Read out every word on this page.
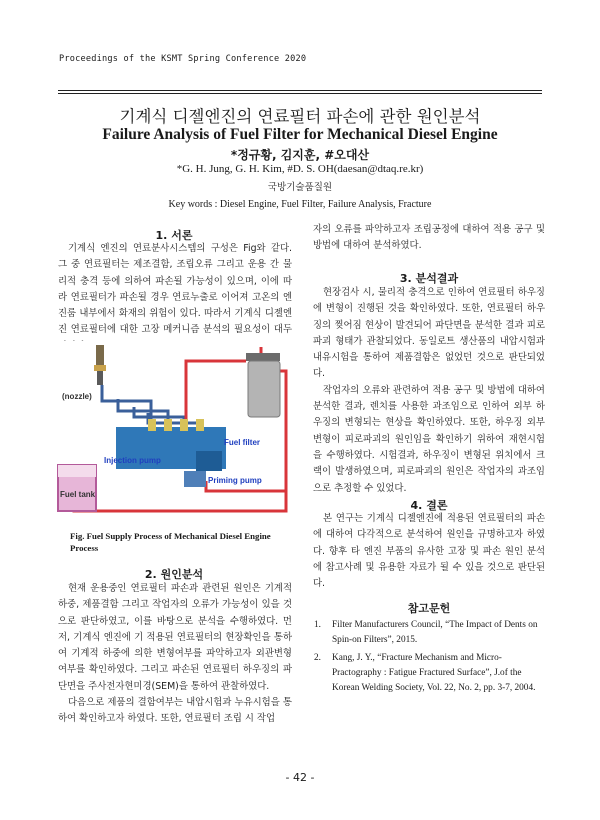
Proceedings of the KSMT Spring Conference 2020
기계식 디젤엔진의 연료필터 파손에 관한 원인분석
Failure Analysis of Fuel Filter for Mechanical Diesel Engine
*정규황, 김지훈, #오대산
*G. H. Jung, G. H. Kim, #D. S. OH(daesan@dtaq.re.kr)
국방기술품질원
Key words : Diesel Engine, Fuel Filter, Failure Analysis, Fracture
1. 서론

기계식 엔진의 연료분사시스템의 구성은 Fig와 같다. 그 중 연료필터는 제조결함, 조립오류 그리고 운용 간 물리적 충격 등에 의하여 파손될 가능성이 있으며, 이에 따라 연료필터가 파손될 경우 연료누출로 이어져 고온의 엔진룸 내부에서 화재의 위험이 있다. 따라서 기계식 디젤엔진 연료필터에 대한 고장 메커니즘 분석의 필요성이 대두

(nozzle)
Fuel filter
Injection pump
Priming pump
Fuel tank
Fig. Fuel Supply Process of Mechanical Diesel Engine Process
2. 원인분석

현재 운용중인 연료필터 파손과 관련된 원인은 기계적 하중, 제품결함 그리고 작업자의 오류가 가능성이 있을 것으로 판단하였고, 이를 바탕으로 분석을 수행하였다. 먼저, 기계식 엔진에 기 적용된 연료필터의 현장확인을 통하여 기계적 하중에 의한 변형여부를 파악하고자 외관변형 여부를 확인하였다. 그리고 파손된 연료필터 하우징의 파단면을 주사전자현미경(SEM)을 통하여 관찰하였다.

다음으로 제품의 결함여부는 내압시험과 누유시험을 통하여 확인하고자 하였다. 또한, 연료필터 조립 시 작업

자의 오류를 파악하고자 조립공정에 대하여 적용 공구 및 방법에 대하여 분석하였다.

3. 분석결과

현장검사 시, 물리적 충격으로 인하여 연료필터 하우징에 변형이 진행된 것을 확인하였다. 또한, 연료필터 하우징의 찢어짐 현상이 발견되어 파단면을 분석한 결과 피로파괴 형태가 관찰되었다. 동일로트 생산품의 내압시험과 내유시험을 통하여 제품결함은 없었던 것으로 판단되었다.

작업자의 오류와 관련하여 적용 공구 및 방법에 대하여 분석한 결과, 렌치를 사용한 과조임으로 인하여 외부 하우징의 변형되는 현상을 확인하였다. 또한, 하우징 외부 변형이 피로파괴의 원인임을 확인하기 위하여 재현시험을 수행하였다. 시험결과, 하우징이 변형된 위치에서 크랙이 발생하였으며, 피로파괴의 원인은 작업자의 과조임으로 추정할 수 있었다.

4. 결론

본 연구는 기계식 디젤엔진에 적용된 연료필터의 파손에 대하여 다각적으로 분석하여 원인을 규명하고자 하였다. 향후 타 엔진 부품의 유사한 고장 및 파손 원인 분석에 참고사례 및 유용한 자료가 될 수 있을 것으로 판단된다.

참고문헌
1. Filter Manufacturers Council, “The Impact of Dents on Spin-on Filters”, 2015.
2. Kang, J. Y., “Fracture Mechanism and Micro-Practography : Fatigue Fractured Surface”, J.of the Korean Welding Society, Vol. 22, No. 2, pp. 3-7, 2004.
- 42 -
